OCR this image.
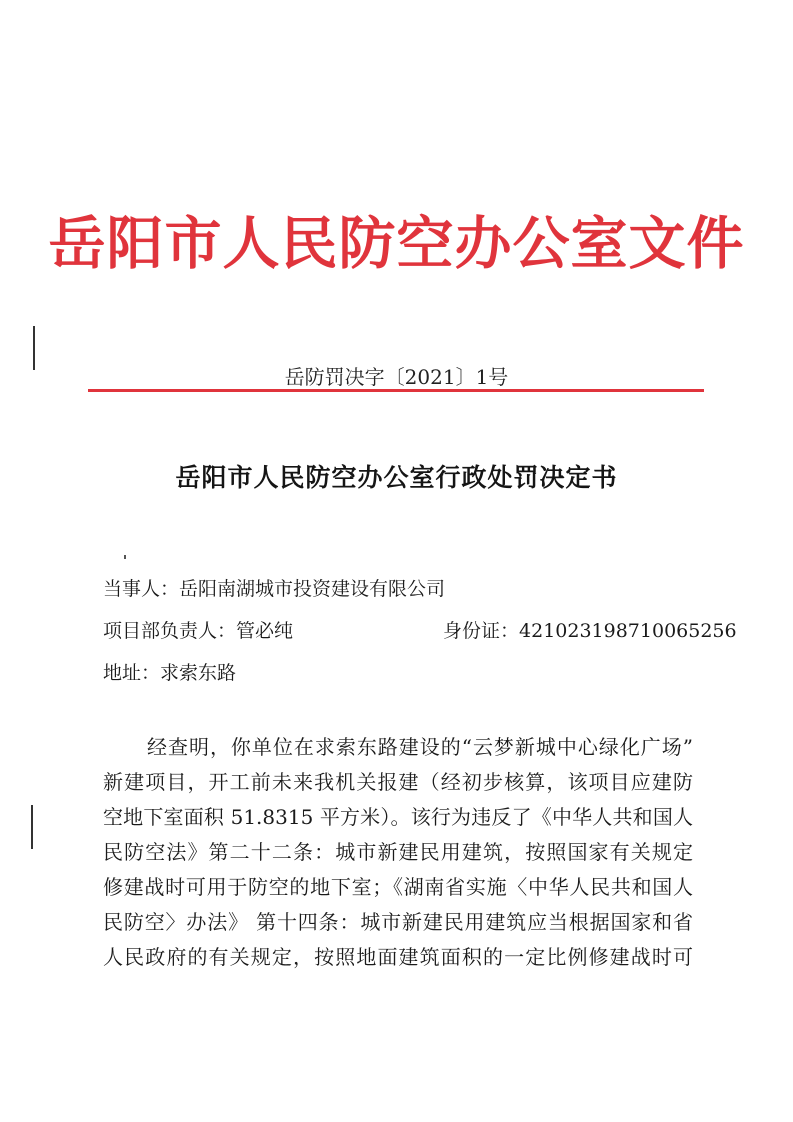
岳阳市人民防空办公室文件
岳防罚决字〔2021〕1号
岳阳市人民防空办公室行政处罚决定书
当事人：岳阳南湖城市投资建设有限公司
项目部负责人：管必纯	身份证：421023198710065256
地址：求索东路
经查明，你单位在求索东路建设的“云梦新城中心绿化广场”
新建项目，开工前未来我机关报建（经初步核算，该项目应建防
空地下室面积 51.8315 平方米）。该行为违反了《中华人共和国人
民防空法》第二十二条：城市新建民用建筑，按照国家有关规定
修建战时可用于防空的地下室；《湖南省实施〈中华人民共和国人
民防空〉办法》 第十四条：城市新建民用建筑应当根据国家和省
人民政府的有关规定，按照地面建筑面积的一定比例修建战时可
